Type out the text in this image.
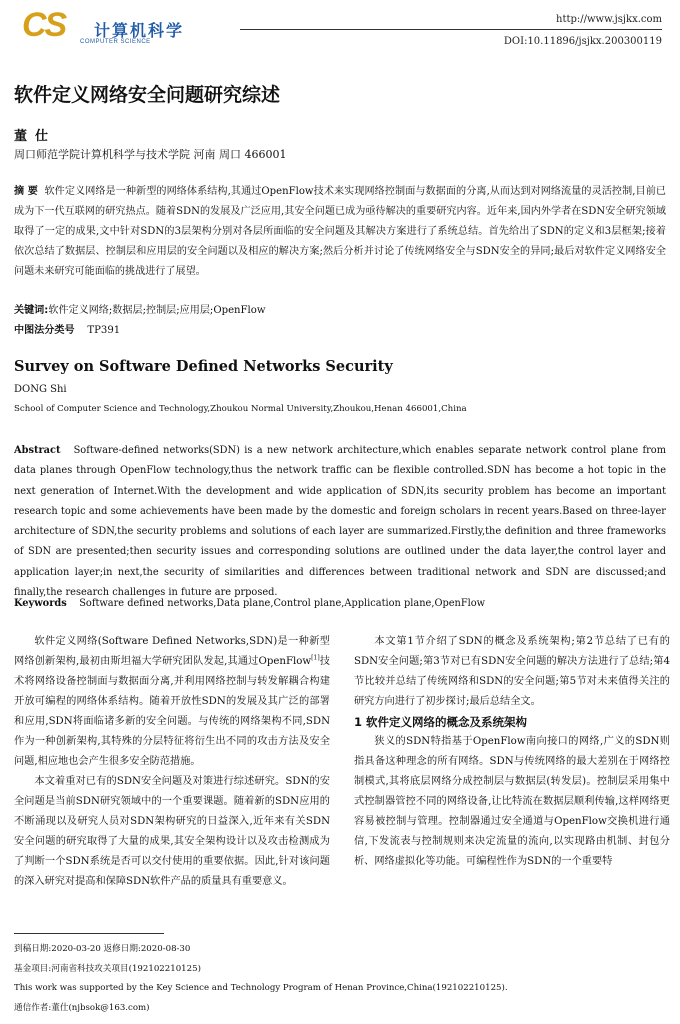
CS 计算机科学
COMPUTER SCIENCE
http://www.jsjkx.com
DOI:10.11896/jsjkx.200300119
软件定义网络安全问题研究综述
董仕
周口师范学院计算机科学与技术学院 河南 周口 466001
摘 要 软件定义网络是一种新型的网络体系结构,其通过OpenFlow技术来实现网络控制面与数据面的分离,从而达到对网络流量的灵活控制,目前已成为下一代互联网的研究热点。随着SDN的发展及广泛应用,其安全问题已成为亟待解决的重要研究内容。近年来,国内外学者在SDN安全研究领域取得了一定的成果,文中针对SDN的3层架构分别对各层所面临的安全问题及其解决方案进行了系统总结。首先给出了SDN的定义和3层框架;接着依次总结了数据层、控制层和应用层的安全问题以及相应的解决方案;然后分析并讨论了传统网络安全与SDN安全的异同;最后对软件定义网络安全问题未来研究可能面临的挑战进行了展望。
关键词:软件定义网络;数据层;控制层;应用层;OpenFlow
中图法分类号 TP391
Survey on Software Defined Networks Security
DONG Shi
School of Computer Science and Technology,Zhoukou Normal University,Zhoukou,Henan 466001,China
Abstract Software-defined networks(SDN) is a new network architecture,which enables separate network control plane from data planes through OpenFlow technology,thus the network traffic can be flexible controlled.SDN has become a hot topic in the next generation of Internet.With the development and wide application of SDN,its security problem has become an important research topic and some achievements have been made by the domestic and foreign scholars in recent years.Based on three-layer architecture of SDN,the security problems and solutions of each layer are summarized.Firstly,the definition and three frameworks of SDN are presented;then security issues and corresponding solutions are outlined under the data layer,the control layer and application layer;in next,the security of similarities and differences between traditional network and SDN are discussed;and finally,the research challenges in future are prposed.
Keywords Software defined networks,Data plane,Control plane,Application plane,OpenFlow

软件定义网络(Software Defined Networks,SDN)是一种新型网络创新架构,最初由斯坦福大学研究团队发起,其通过OpenFlow[1]技术将网络设备控制面与数据面分离,并利用网络控制与转发解耦合构建开放可编程的网络体系结构。随着开放性SDN的发展及其广泛的部署和应用,SDN将面临诸多新的安全问题。与传统的网络架构不同,SDN作为一种创新架构,其特殊的分层特征将衍生出不同的攻击方法及安全问题,相应地也会产生很多安全防范措施。

本文着重对已有的SDN安全问题及对策进行综述研究。SDN的安全问题是当前SDN研究领域中的一个重要课题。随着新的SDN应用的不断涌现以及研究人员对SDN架构研究的日益深入,近年来有关SDN安全问题的研究取得了大量的成果,其安全架构设计以及攻击检测成为了判断一个SDN系统是否可以交付使用的重要依据。因此,针对该问题的深入研究对提高和保障SDN软件产品的质量具有重要意义。

本文第1节介绍了SDN的概念及系统架构;第2节总结了已有的SDN安全问题;第3节对已有SDN安全问题的解决方法进行了总结;第4节比较并总结了传统网络和SDN的安全问题;第5节对未来值得关注的研究方向进行了初步探讨;最后总结全文。

1 软件定义网络的概念及系统架构

狭义的SDN特指基于OpenFlow南向接口的网络,广义的SDN则指具备这种理念的所有网络。SDN与传统网络的最大差别在于网络控制模式,其将底层网络分成控制层与数据层(转发层)。控制层采用集中式控制器管控不同的网络设备,让比特流在数据层顺利传输,这样网络更容易被控制与管理。控制器通过安全通道与OpenFlow交换机进行通信,下发流表与控制规则来决定流量的流向,以实现路由机制、封包分析、网络虚拟化等功能。可编程性作为SDN的一个重要特

到稿日期:2020-03-20 返修日期:2020-08-30
基金项目:河南省科技攻关项目(192102210125)
This work was supported by the Key Science and Technology Program of Henan Province,China(192102210125).
通信作者:董仕(njbsok@163.com)
